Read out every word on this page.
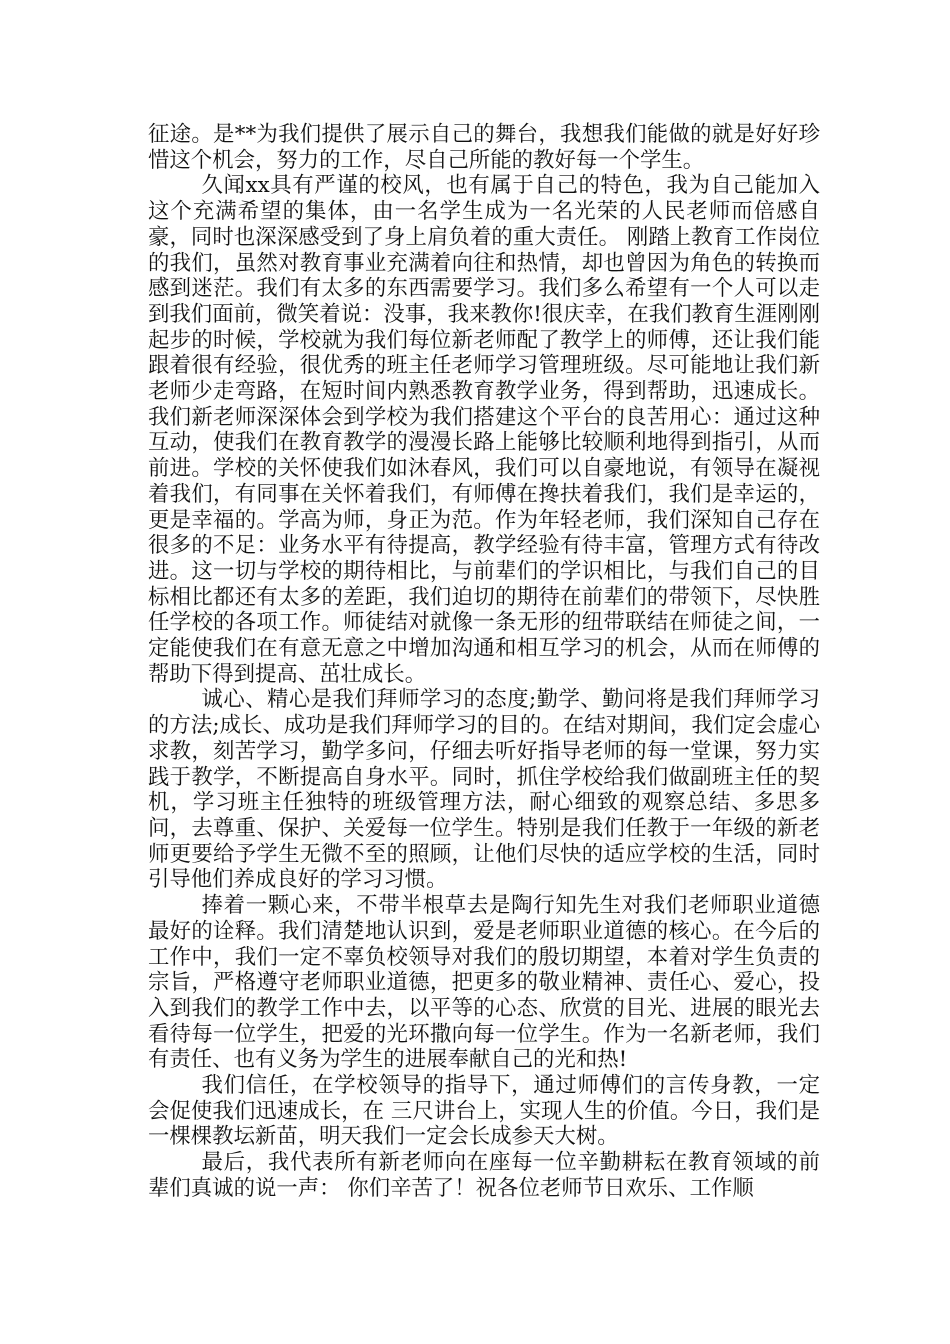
征途。是**为我们提供了展示自己的舞台，我想我们能做的就是好好珍惜这个机会，努力的工作，尽自己所能的教好每一个学生。

久闻xx具有严谨的校风，也有属于自己的特色，我为自己能加入这个充满希望的集体，由一名学生成为一名光荣的人民老师而倍感自豪，同时也深深感受到了身上肩负着的重大责任。 刚踏上教育工作岗位的我们，虽然对教育事业充满着向往和热情，却也曾因为角色的转换而感到迷茫。我们有太多的东西需要学习。我们多么希望有一个人可以走到我们面前，微笑着说：没事，我来教你!很庆幸，在我们教育生涯刚刚起步的时候，学校就为我们每位新老师配了教学上的师傅，还让我们能跟着很有经验，很优秀的班主任老师学习管理班级。尽可能地让我们新老师少走弯路，在短时间内熟悉教育教学业务，得到帮助，迅速成长。我们新老师深深体会到学校为我们搭建这个平台的良苦用心：通过这种互动，使我们在教育教学的漫漫长路上能够比较顺利地得到指引，从而前进。学校的关怀使我们如沐春风，我们可以自豪地说，有领导在凝视着我们，有同事在关怀着我们，有师傅在搀扶着我们，我们是幸运的，更是幸福的。学高为师，身正为范。作为年轻老师，我们深知自己存在很多的不足：业务水平有待提高，教学经验有待丰富，管理方式有待改进。这一切与学校的期待相比，与前辈们的学识相比，与我们自己的目标相比都还有太多的差距，我们迫切的期待在前辈们的带领下，尽快胜任学校的各项工作。师徒结对就像一条无形的纽带联结在师徒之间，一定能使我们在有意无意之中增加沟通和相互学习的机会，从而在师傅的帮助下得到提高、茁壮成长。

诚心、精心是我们拜师学习的态度;勤学、勤问将是我们拜师学习的方法;成长、成功是我们拜师学习的目的。在结对期间，我们定会虚心求教，刻苦学习，勤学多问，仔细去听好指导老师的每一堂课，努力实践于教学，不断提高自身水平。同时，抓住学校给我们做副班主任的契机，学习班主任独特的班级管理方法，耐心细致的观察总结、多思多问，去尊重、保护、关爱每一位学生。特别是我们任教于一年级的新老师更要给予学生无微不至的照顾，让他们尽快的适应学校的生活，同时引导他们养成良好的学习习惯。

捧着一颗心来，不带半根草去是陶行知先生对我们老师职业道德最好的诠释。我们清楚地认识到，爱是老师职业道德的核心。在今后的工作中，我们一定不辜负校领导对我们的殷切期望，本着对学生负责的宗旨，严格遵守老师职业道德，把更多的敬业精神、责任心、爱心，投入到我们的教学工作中去，以平等的心态、欣赏的目光、进展的眼光去看待每一位学生，把爱的光环撒向每一位学生。作为一名新老师，我们有责任、也有义务为学生的进展奉献自己的光和热!

我们信任，在学校领导的指导下，通过师傅们的言传身教，一定会促使我们迅速成长，在 三尺讲台上，实现人生的价值。今日，我们是一棵棵教坛新苗，明天我们一定会长成参天大树。

最后，我代表所有新老师向在座每一位辛勤耕耘在教育领域的前辈们真诚的说一声： 你们辛苦了！祝各位老师节日欢乐、工作顺
